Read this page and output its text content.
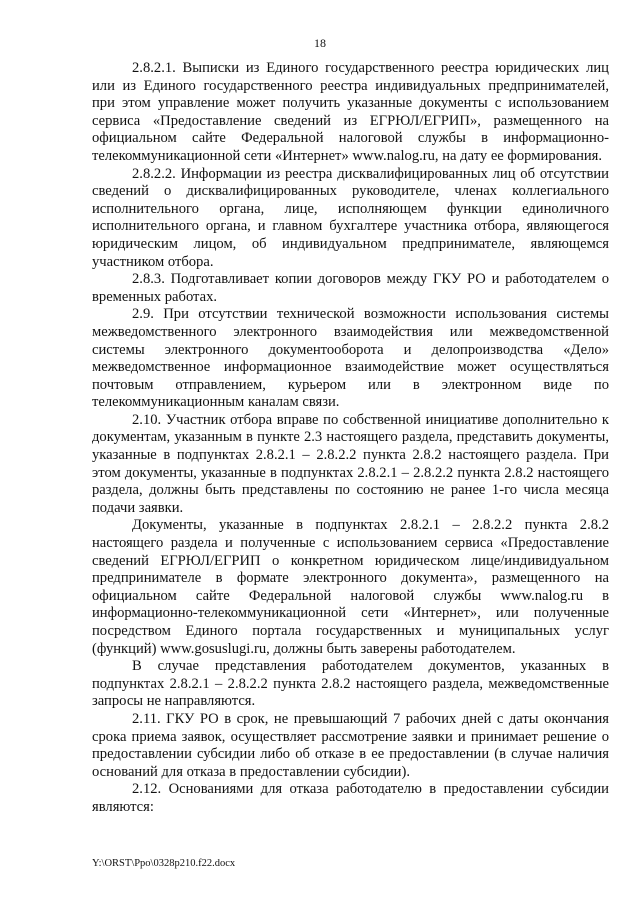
18

2.8.2.1. Выписки из Единого государственного реестра юридических лиц или из Единого государственного реестра индивидуальных предпринимателей, при этом управление может получить указанные документы с использованием сервиса «Предоставление сведений из ЕГРЮЛ/ЕГРИП», размещенного на официальном сайте Федеральной налоговой службы в информационно-телекоммуникационной сети «Интернет» www.nalog.ru, на дату ее формирования.

2.8.2.2. Информации из реестра дисквалифицированных лиц об отсутствии сведений о дисквалифицированных руководителе, членах коллегиального исполнительного органа, лице, исполняющем функции единоличного исполнительного органа, и главном бухгалтере участника отбора, являющегося юридическим лицом, об индивидуальном предпринимателе, являющемся участником отбора.

2.8.3. Подготавливает копии договоров между ГКУ РО и работодателем о временных работах.

2.9. При отсутствии технической возможности использования системы межведомственного электронного взаимодействия или межведомственной системы электронного документооборота и делопроизводства «Дело» межведомственное информационное взаимодействие может осуществляться почтовым отправлением, курьером или в электронном виде по телекоммуникационным каналам связи.

2.10. Участник отбора вправе по собственной инициативе дополнительно к документам, указанным в пункте 2.3 настоящего раздела, представить документы, указанные в подпунктах 2.8.2.1 – 2.8.2.2 пункта 2.8.2 настоящего раздела. При этом документы, указанные в подпунктах 2.8.2.1 – 2.8.2.2 пункта 2.8.2 настоящего раздела, должны быть представлены по состоянию не ранее 1-го числа месяца подачи заявки.

Документы, указанные в подпунктах 2.8.2.1 – 2.8.2.2 пункта 2.8.2 настоящего раздела и полученные с использованием сервиса «Предоставление сведений ЕГРЮЛ/ЕГРИП о конкретном юридическом лице/индивидуальном предпринимателе в формате электронного документа», размещенного на официальном сайте Федеральной налоговой службы www.nalog.ru в информационно-телекоммуникационной сети «Интернет», или полученные посредством Единого портала государственных и муниципальных услуг (функций) www.gosuslugi.ru, должны быть заверены работодателем.

В случае представления работодателем документов, указанных в подпунктах 2.8.2.1 – 2.8.2.2 пункта 2.8.2 настоящего раздела, межведомственные запросы не направляются.

2.11. ГКУ РО в срок, не превышающий 7 рабочих дней с даты окончания срока приема заявок, осуществляет рассмотрение заявки и принимает решение о предоставлении субсидии либо об отказе в ее предоставлении (в случае наличия оснований для отказа в предоставлении субсидии).

2.12. Основаниями для отказа работодателю в предоставлении субсидии являются:

Y:\ORST\Ppo\0328p210.f22.docx
